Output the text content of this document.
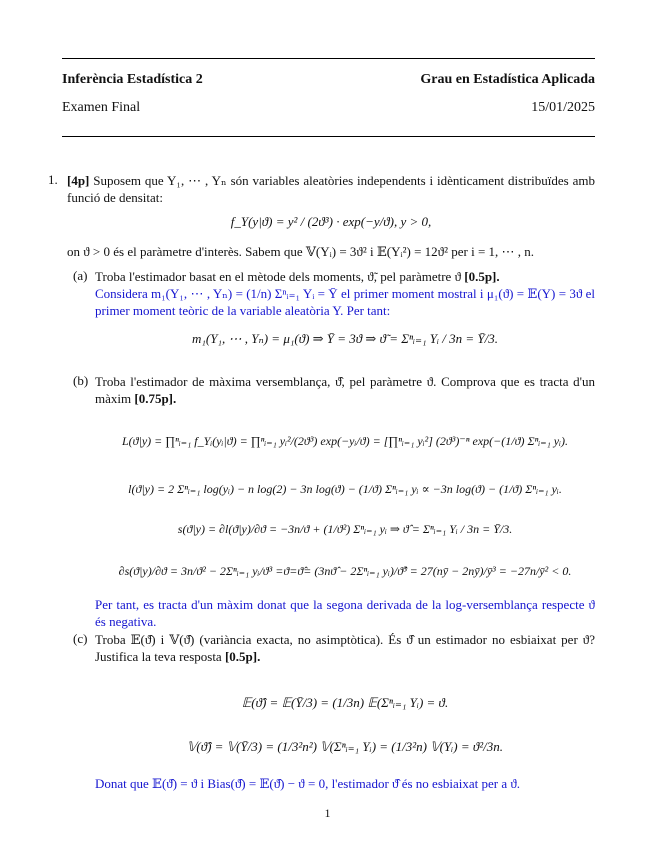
Inferència Estadística 2	Grau en Estadística Aplicada
Examen Final	15/01/2025
1. [4p] Suposem que Y₁, ⋯ , Yₙ són variables aleatòries independents i idènticament distribuïdes amb funció de densitat:
f_Y(y|ϑ) = y² / (2ϑ³) · exp(−y/ϑ), y > 0,
on ϑ > 0 és el paràmetre d'interès. Sabem que 𝕍(Yᵢ) = 3ϑ² i 𝔼(Yᵢ²) = 12ϑ² per i = 1, ⋯ , n.
(a) Troba l'estimador basat en el mètode dels moments, ϑ̃, pel paràmetre ϑ [0.5p].
Considera m₁(Y₁, ⋯ , Yₙ) = (1/n) Σⁿᵢ₌₁ Yᵢ = Ȳ el primer moment mostral i μ₁(ϑ) = 𝔼(Y) = 3ϑ el primer moment teòric de la variable aleatòria Y. Per tant:
m₁(Y₁, ⋯ , Yₙ) = μ₁(ϑ) ⇒ Ȳ = 3ϑ ⇒ ϑ̃ = Σⁿᵢ₌₁ Yᵢ / 3n = Ȳ/3.
(b) Troba l'estimador de màxima versemblança, ϑ̂, pel paràmetre ϑ. Comprova que es tracta d'un màxim [0.75p].
L(ϑ|y) = ∏ⁿᵢ₌₁ f_Yᵢ(yᵢ|ϑ) = ∏ⁿᵢ₌₁ yᵢ²/(2ϑ³) exp(−yᵢ/ϑ) = [∏ⁿᵢ₌₁ yᵢ²] (2ϑ³)⁻ⁿ exp(−(1/ϑ) Σⁿᵢ₌₁ yᵢ).
l(ϑ|y) = 2 Σⁿᵢ₌₁ log(yᵢ) − n log(2) − 3n log(ϑ) − (1/ϑ) Σⁿᵢ₌₁ yᵢ ∝ −3n log(ϑ) − (1/ϑ) Σⁿᵢ₌₁ yᵢ.
s(ϑ|y) = ∂l(ϑ|y)/∂ϑ = −3n/ϑ + (1/ϑ²) Σⁿᵢ₌₁ yᵢ ⇒ ϑ̂ = Σⁿᵢ₌₁ Yᵢ / 3n = Ȳ/3.
∂s(ϑ|y)/∂ϑ = 3n/ϑ² − 2Σⁿᵢ₌₁ yᵢ/ϑ³ =ϑ=ϑ̂= (3nϑ̂ − 2Σⁿᵢ₌₁ yᵢ)/ϑ̂³ = 27(nȳ − 2nȳ)/ȳ³ = −27n/ȳ² < 0.
Per tant, es tracta d'un màxim donat que la segona derivada de la log-versemblança respecte ϑ és negativa.
(c) Troba 𝔼(ϑ̂) i 𝕍(ϑ̂) (variància exacta, no asimptòtica). És ϑ̂ un estimador no esbiaixat per ϑ? Justifica la teva resposta [0.5p].
𝔼(ϑ̂) = 𝔼(Ȳ/3) = (1/3n) 𝔼(Σⁿᵢ₌₁ Yᵢ) = ϑ.
𝕍(ϑ̂) = 𝕍(Ȳ/3) = (1/3²n²) 𝕍(Σⁿᵢ₌₁ Yᵢ) = (1/3²n) 𝕍(Yᵢ) = ϑ²/3n.
Donat que 𝔼(ϑ̂) = ϑ i Bias(ϑ̂) = 𝔼(ϑ̂) − ϑ = 0, l'estimador ϑ̂ és no esbiaixat per a ϑ.
1
